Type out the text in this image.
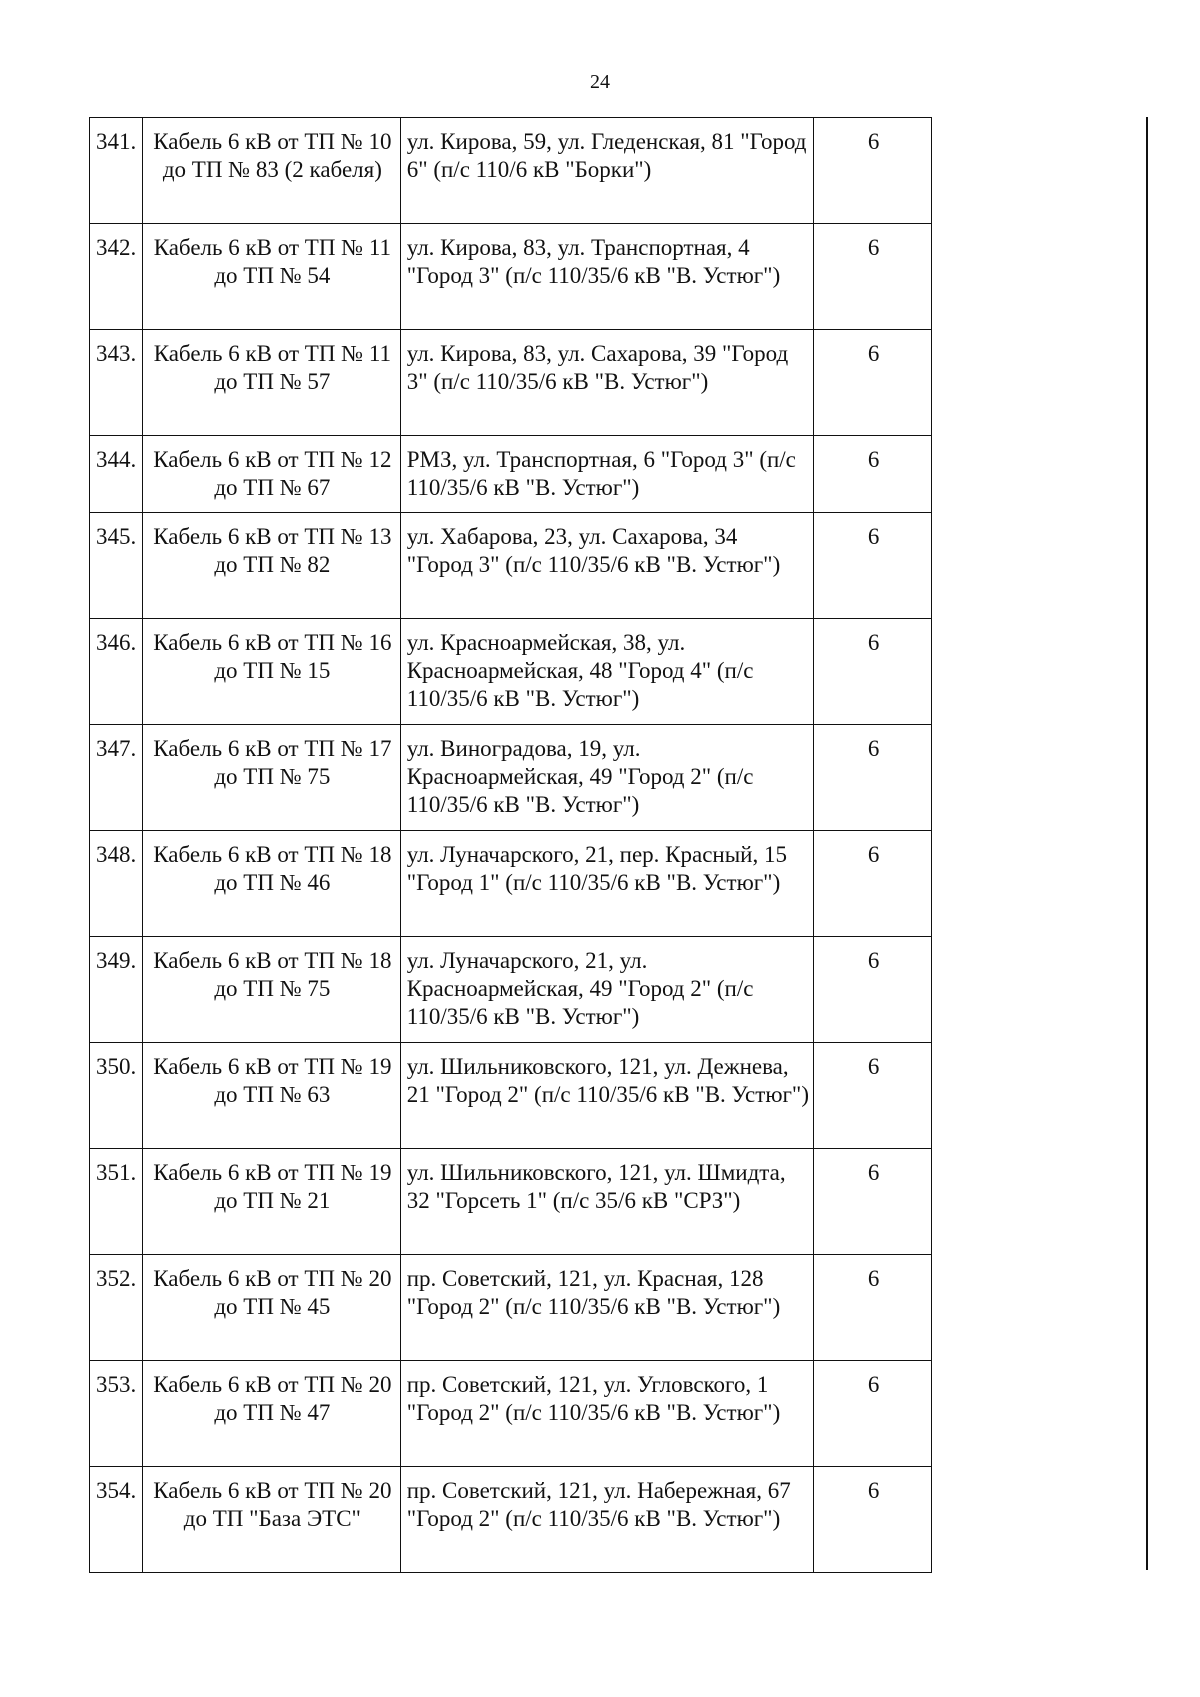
24
341.	Кабель 6 кВ от ТП № 10 до ТП № 83 (2 кабеля)	ул. Кирова, 59, ул. Гледенская, 81 "Город 6" (п/с 110/6 кВ "Борки")	6
342.	Кабель 6 кВ от ТП № 11 до ТП № 54	ул. Кирова, 83, ул. Транспортная, 4 "Город 3" (п/с 110/35/6 кВ "В. Устюг")	6
343.	Кабель 6 кВ от ТП № 11 до ТП № 57	ул. Кирова, 83, ул. Сахарова, 39 "Город 3" (п/с 110/35/6 кВ "В. Устюг")	6
344.	Кабель 6 кВ от ТП № 12 до ТП № 67	РМЗ, ул. Транспортная, 6 "Город 3" (п/с 110/35/6 кВ "В. Устюг")	6
345.	Кабель 6 кВ от ТП № 13 до ТП № 82	ул. Хабарова, 23, ул. Сахарова, 34 "Город 3" (п/с 110/35/6 кВ "В. Устюг")	6
346.	Кабель 6 кВ от ТП № 16 до ТП № 15	ул. Красноармейская, 38, ул. Красноармейская, 48 "Город 4" (п/с 110/35/6 кВ "В. Устюг")	6
347.	Кабель 6 кВ от ТП № 17 до ТП № 75	ул. Виноградова, 19, ул. Красноармейская, 49 "Город 2" (п/с 110/35/6 кВ "В. Устюг")	6
348.	Кабель 6 кВ от ТП № 18 до ТП № 46	ул. Луначарского, 21, пер. Красный, 15 "Город 1" (п/с 110/35/6 кВ "В. Устюг")	6
349.	Кабель 6 кВ от ТП № 18 до ТП № 75	ул. Луначарского, 21, ул. Красноармейская, 49 "Город 2" (п/с 110/35/6 кВ "В. Устюг")	6
350.	Кабель 6 кВ от ТП № 19 до ТП № 63	ул. Шильниковского, 121, ул. Дежнева, 21 "Город 2" (п/с 110/35/6 кВ "В. Устюг")	6
351.	Кабель 6 кВ от ТП № 19 до ТП № 21	ул. Шильниковского, 121, ул. Шмидта, 32 "Горсеть 1" (п/с 35/6 кВ "СРЗ")	6
352.	Кабель 6 кВ от ТП № 20 до ТП № 45	пр. Советский, 121, ул. Красная, 128 "Город 2" (п/с 110/35/6 кВ "В. Устюг")	6
353.	Кабель 6 кВ от ТП № 20 до ТП № 47	пр. Советский, 121, ул. Угловского, 1 "Город 2" (п/с 110/35/6 кВ "В. Устюг")	6
354.	Кабель 6 кВ от ТП № 20 до ТП "База ЭТС"	пр. Советский, 121, ул. Набережная, 67 "Город 2" (п/с 110/35/6 кВ "В. Устюг")	6
